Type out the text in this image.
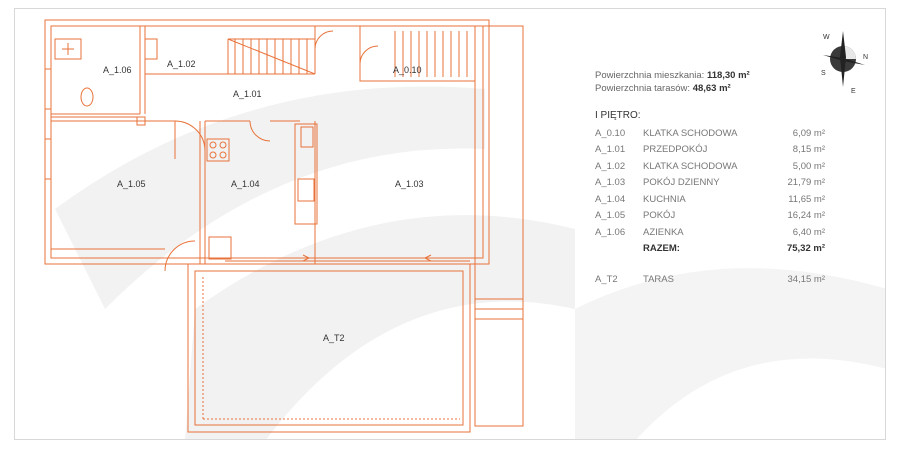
A_1.06
A_1.02
A_0.10
A_1.01
A_1.05	A_1.04	A_1.03
A_T2
W
N
S
E
Powierzchnia mieszkania: 118,30 m²
Powierzchnia tarasów: 48,63 m²
I PIĘTRO:
A_0.10	KLATKA SCHODOWA	6,09 m²
A_1.01	PRZEDPOKÓJ	8,15 m²
A_1.02	KLATKA SCHODOWA	5,00 m²
A_1.03	POKÓJ DZIENNY	21,79 m²
A_1.04	KUCHNIA	11,65 m²
A_1.05	POKÓJ	16,24 m²
A_1.06	AZIENKA	6,40 m²
	RAZEM:	75,32 m²
A_T2	TARAS	34,15 m²
